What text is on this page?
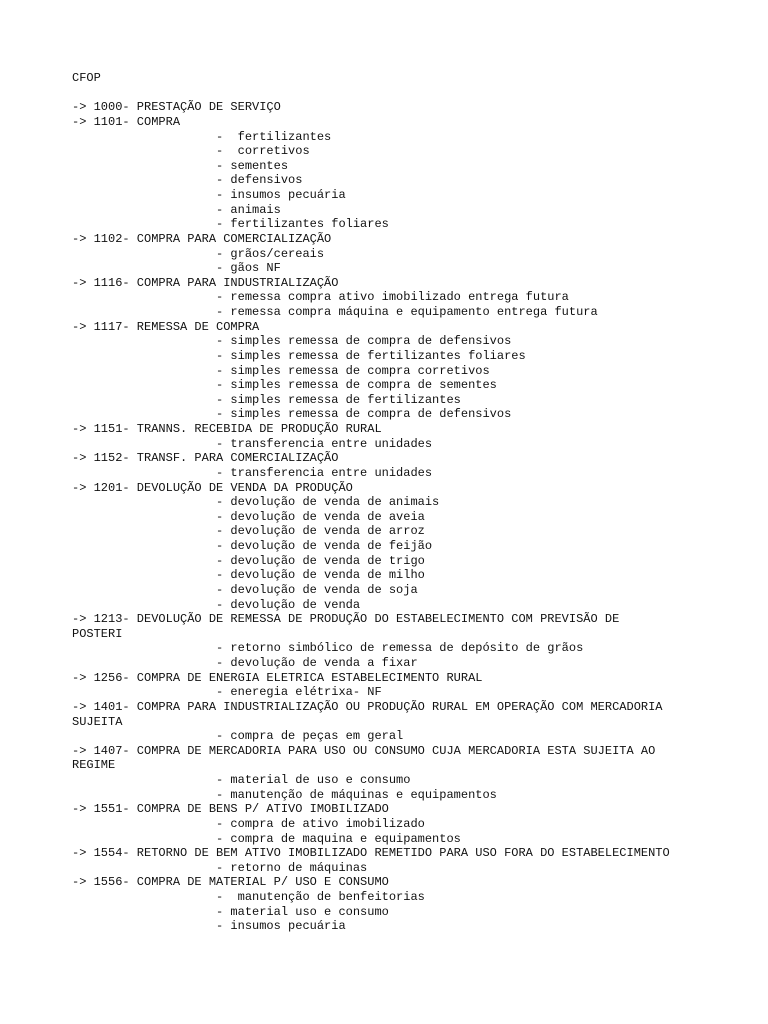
CFOP
-> 1000- PRESTAÇÃO DE SERVIÇO
-> 1101- COMPRA
-  fertilizantes
-  corretivos
- sementes
- defensivos
- insumos pecuária
- animais
- fertilizantes foliares
-> 1102- COMPRA PARA COMERCIALIZAÇÃO
- grãos/cereais
- gãos NF
-> 1116- COMPRA PARA INDUSTRIALIZAÇÃO
- remessa compra ativo imobilizado entrega futura
- remessa compra máquina e equipamento entrega futura
-> 1117- REMESSA DE COMPRA
- simples remessa de compra de defensivos
- simples remessa de fertilizantes foliares
- simples remessa de compra corretivos
- simples remessa de compra de sementes
- simples remessa de fertilizantes
- simples remessa de compra de defensivos
-> 1151- TRANNS. RECEBIDA DE PRODUÇÃO RURAL
- transferencia entre unidades
-> 1152- TRANSF. PARA COMERCIALIZAÇÃO
- transferencia entre unidades
-> 1201- DEVOLUÇÃO DE VENDA DA PRODUÇÃO
- devolução de venda de animais
- devolução de venda de aveia
- devolução de venda de arroz
- devolução de venda de feijão
- devolução de venda de trigo
- devolução de venda de milho
- devolução de venda de soja
- devolução de venda
-> 1213- DEVOLUÇÃO DE REMESSA DE PRODUÇÃO DO ESTABELECIMENTO COM PREVISÃO DE
POSTERI
- retorno simbólico de remessa de depósito de grãos
- devolução de venda a fixar
-> 1256- COMPRA DE ENERGIA ELETRICA ESTABELECIMENTO RURAL
- eneregia elétrixa- NF
-> 1401- COMPRA PARA INDUSTRIALIZAÇÃO OU PRODUÇÃO RURAL EM OPERAÇÃO COM MERCADORIA
SUJEITA
- compra de peças em geral
-> 1407- COMPRA DE MERCADORIA PARA USO OU CONSUMO CUJA MERCADORIA ESTA SUJEITA AO
REGIME
- material de uso e consumo
- manutenção de máquinas e equipamentos
-> 1551- COMPRA DE BENS P/ ATIVO IMOBILIZADO
- compra de ativo imobilizado
- compra de maquina e equipamentos
-> 1554- RETORNO DE BEM ATIVO IMOBILIZADO REMETIDO PARA USO FORA DO ESTABELECIMENTO
- retorno de máquinas
-> 1556- COMPRA DE MATERIAL P/ USO E CONSUMO
-  manutenção de benfeitorias
- material uso e consumo
- insumos pecuária
